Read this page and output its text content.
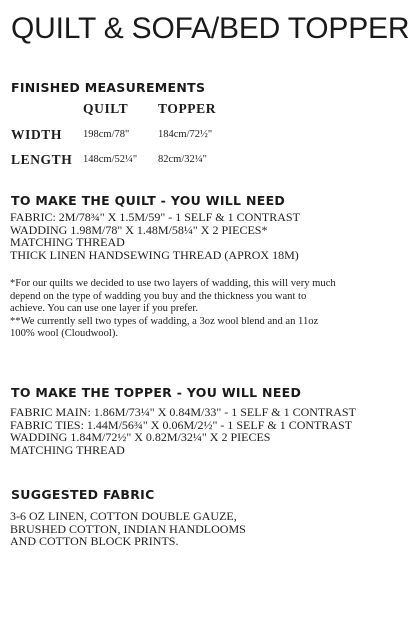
QUILT & SOFA/BED TOPPER
FINISHED MEASUREMENTS
QUILT TOPPER
WIDTH 198cm/78"	184cm/72½"
LENGTH 148cm/52¼" 82cm/32¼"
TO MAKE THE QUILT - YOU WILL NEED
FABRIC: 2M/78¾" X 1.5M/59" - 1 SELF & 1 CONTRAST
WADDING 1.98M/78" X 1.48M/58¼" X 2 PIECES*
MATCHING THREAD
THICK LINEN HANDSEWING THREAD (APROX 18M)
*For our quilts we decided to use two layers of wadding, this will very much
depend on the type of wadding you buy and the thickness you want to
achieve. You can use one layer if you prefer.
**We currently sell two types of wadding, a 3oz wool blend and an 11oz
100% wool (Cloudwool).
TO MAKE THE TOPPER - YOU WILL NEED
FABRIC MAIN: 1.86M/73¼" X 0.84M/33" - 1 SELF & 1 CONTRAST
FABRIC TIES: 1.44M/56¾" X 0.06M/2½" - 1 SELF & 1 CONTRAST
WADDING 1.84M/72½" X 0.82M/32¼" X 2 PIECES
MATCHING THREAD
SUGGESTED FABRIC
3-6 OZ LINEN, COTTON DOUBLE GAUZE,
BRUSHED COTTON, INDIAN HANDLOOMS
AND COTTON BLOCK PRINTS.
